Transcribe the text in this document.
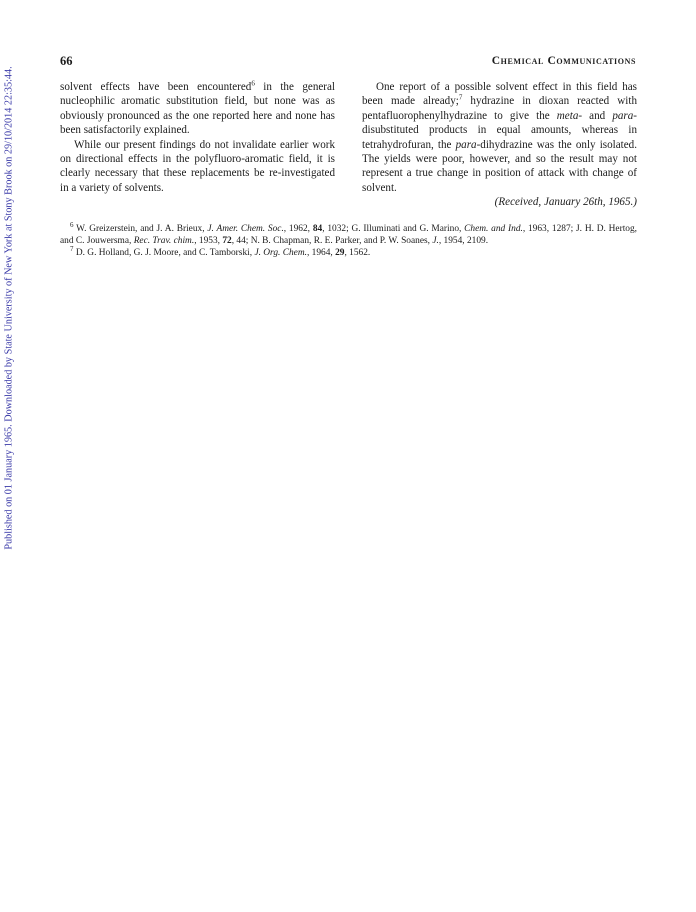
Published on 01 January 1965. Downloaded by State University of New York at Stony Brook on 29/10/2014 22:35:44.
66	Chemical Communications

solvent effects have been encountered$^6$ in the general nucleophilic aromatic substitution field, but none was as obviously pronounced as the one reported here and none has been satisfactorily explained.

While our present findings do not invalidate earlier work on directional effects in the polyfluoro-aromatic field, it is clearly necessary that these replacements be re-investigated in a variety of solvents.

One report of a possible solvent effect in this field has been made already;$^7$ hydrazine in dioxan reacted with pentafluorophenylhydrazine to give the meta- and para-disubstituted products in equal amounts, whereas in tetrahydrofuran, the para-dihydrazine was the only isolated. The yields were poor, however, and so the result may not represent a true change in position of attack with change of solvent.

(Received, January 26th, 1965.)

$^6$ W. Greizerstein, and J. A. Brieux, J. Amer. Chem. Soc., 1962, 84, 1032; G. Illuminati and G. Marino, Chem. and Ind., 1963, 1287; J. H. D. Hertog, and C. Jouwersma, Rec. Trav. chim., 1953, 72, 44; N. B. Chapman, R. E. Parker, and P. W. Soanes, J., 1954, 2109.

$^7$ D. G. Holland, G. J. Moore, and C. Tamborski, J. Org. Chem., 1964, 29, 1562.
